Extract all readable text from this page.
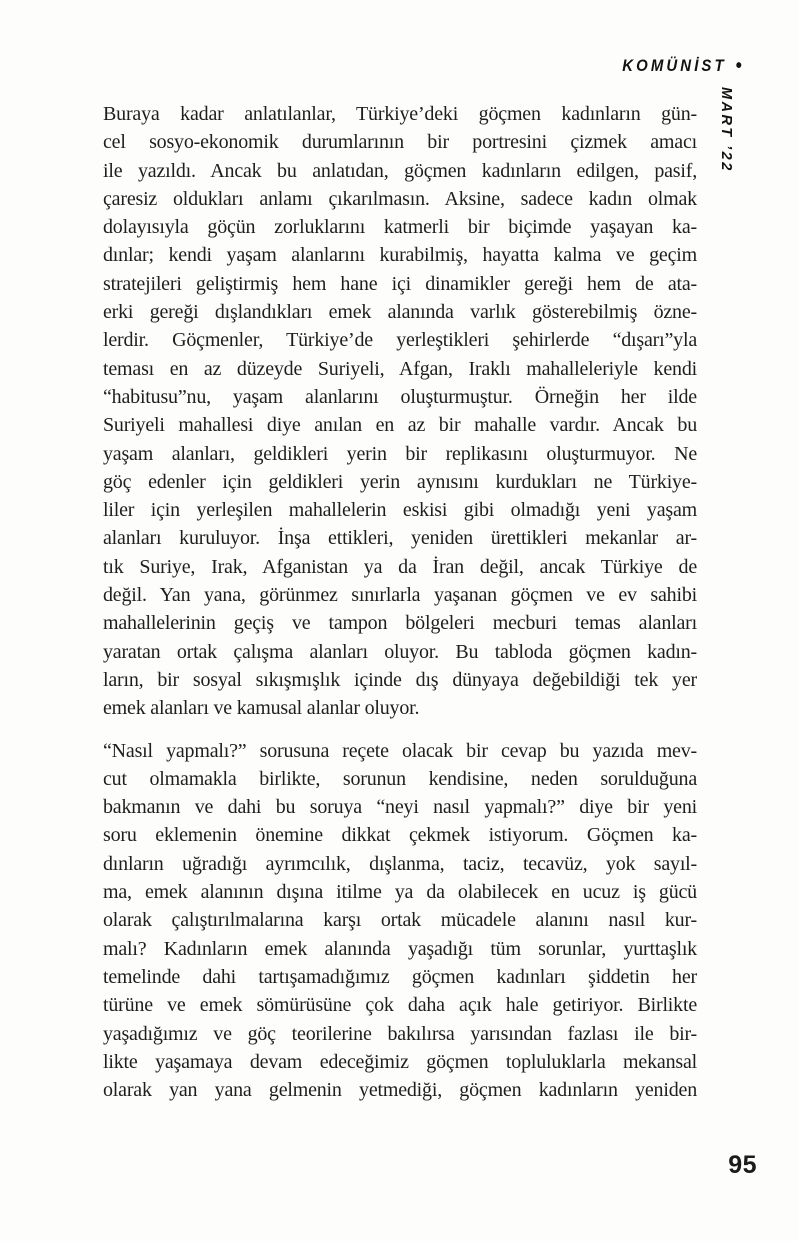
KOMÜNİST •
MART ’22
Buraya kadar anlatılanlar, Türkiye’deki göçmen kadınların gün-
cel sosyo-ekonomik durumlarının bir portresini çizmek amacı
ile yazıldı. Ancak bu anlatıdan, göçmen kadınların edilgen, pasif,
çaresiz oldukları anlamı çıkarılmasın. Aksine, sadece kadın olmak
dolayısıyla göçün zorluklarını katmerli bir biçimde yaşayan ka-
dınlar; kendi yaşam alanlarını kurabilmiş, hayatta kalma ve geçim
stratejileri geliştirmiş hem hane içi dinamikler gereği hem de ata-
erki gereği dışlandıkları emek alanında varlık gösterebilmiş özne-
lerdir. Göçmenler, Türkiye’de yerleştikleri şehirlerde “dışarı”yla
teması en az düzeyde Suriyeli, Afgan, Iraklı mahalleleriyle kendi
“habitusu”nu, yaşam alanlarını oluşturmuştur. Örneğin her ilde
Suriyeli mahallesi diye anılan en az bir mahalle vardır. Ancak bu
yaşam alanları, geldikleri yerin bir replikasını oluşturmuyor. Ne
göç edenler için geldikleri yerin aynısını kurdukları ne Türkiye-
liler için yerleşilen mahallelerin eskisi gibi olmadığı yeni yaşam
alanları kuruluyor. İnşa ettikleri, yeniden ürettikleri mekanlar ar-
tık Suriye, Irak, Afganistan ya da İran değil, ancak Türkiye de
değil. Yan yana, görünmez sınırlarla yaşanan göçmen ve ev sahibi
mahallelerinin geçiş ve tampon bölgeleri mecburi temas alanları
yaratan ortak çalışma alanları oluyor. Bu tabloda göçmen kadın-
ların, bir sosyal sıkışmışlık içinde dış dünyaya değebildiği tek yer
emek alanları ve kamusal alanlar oluyor.
“Nasıl yapmalı?” sorusuna reçete olacak bir cevap bu yazıda mev-
cut olmamakla birlikte, sorunun kendisine, neden sorulduğuna
bakmanın ve dahi bu soruya “neyi nasıl yapmalı?” diye bir yeni
soru eklemenin önemine dikkat çekmek istiyorum. Göçmen ka-
dınların uğradığı ayrımcılık, dışlanma, taciz, tecavüz, yok sayıl-
ma, emek alanının dışına itilme ya da olabilecek en ucuz iş gücü
olarak çalıştırılmalarına karşı ortak mücadele alanını nasıl kur-
malı? Kadınların emek alanında yaşadığı tüm sorunlar, yurttaşlık
temelinde dahi tartışamadığımız göçmen kadınları şiddetin her
türüne ve emek sömürüsüne çok daha açık hale getiriyor. Birlikte
yaşadığımız ve göç teorilerine bakılırsa yarısından fazlası ile bir-
likte yaşamaya devam edeceğimiz göçmen topluluklarla mekansal
olarak yan yana gelmenin yetmediği, göçmen kadınların yeniden
95
